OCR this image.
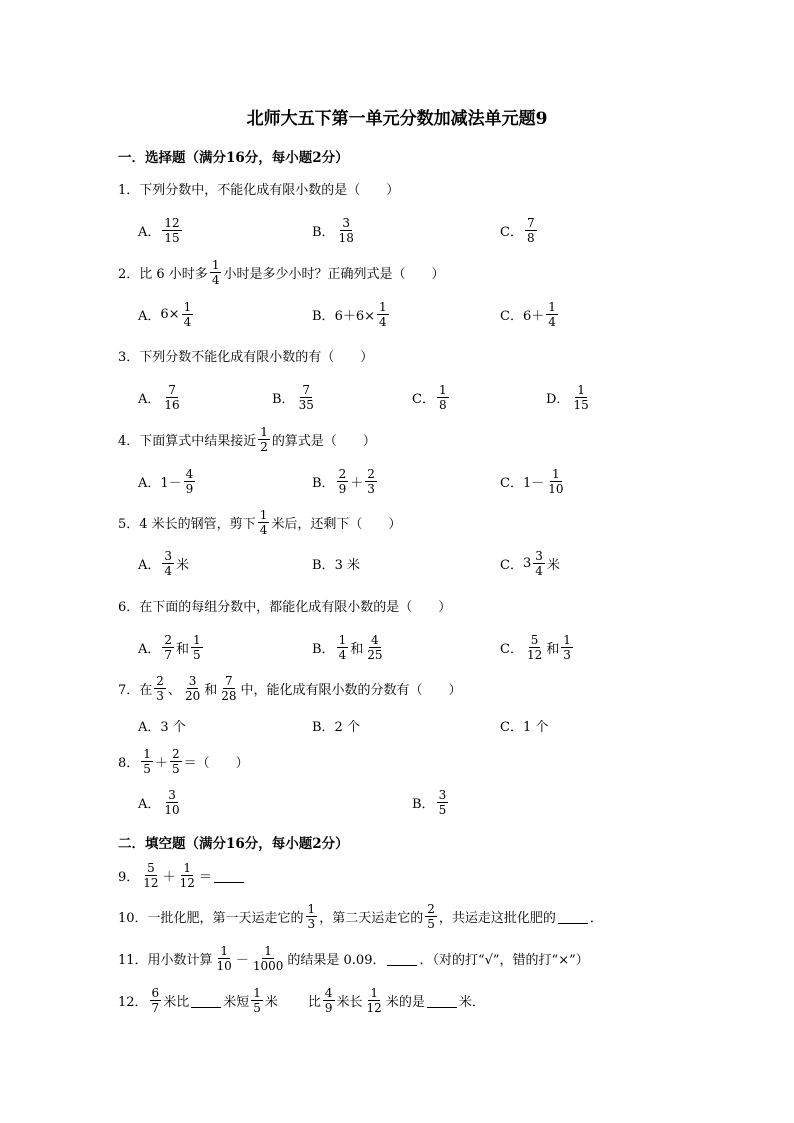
北师大五下第一单元分数加减法单元题9
一．选择题（满分16分，每小题2分）
1．下列分数中，不能化成有限小数的是（　　）
A． $\frac{12}{15}$	B． $\frac{3}{18}$	C． $\frac{7}{8}$
2．比 6 小时多 $\frac{1}{4}$ 小时是多少小时？正确列式是（　　）
A． $6\times \frac{1}{4}$	B． $6+6\times \frac{1}{4}$	C． $6+ \frac{1}{4}$
3．下列分数不能化成有限小数的有（　　）
A． $\frac{7}{16}$	B． $\frac{7}{35}$	C． $\frac{1}{8}$	D． $\frac{1}{15}$
4．下面算式中结果接近 $\frac{1}{2}$ 的算式是（　　）
A． $1- \frac{4}{9}$	B． $\frac{2}{9} + \frac{2}{3}$	C． $1- \frac{1}{10}$
5．4 米长的钢管，剪下 $\frac{1}{4}$ 米后，还剩下（　　）
A． $\frac{3}{4}$ 米	B． 3 米	C． $3 \frac{3}{4}$ 米
6．在下面的每组分数中，都能化成有限小数的是（　　）
A． $\frac{2}{7}$ 和 $\frac{1}{5}$	B． $\frac{1}{4}$ 和 $\frac{4}{25}$	C． $\frac{5}{12}$ 和 $\frac{1}{3}$
7．在 $\frac{2}{3}$ 、 $\frac{3}{20}$ 和 $\frac{7}{28}$ 中，能化成有限小数的分数有（　　）
A．3 个	B．2 个	C．1 个
8． $\frac{1}{5} + \frac{2}{5}$ ＝（　　）
A． $\frac{3}{10}$	B． $\frac{3}{5}$
二．填空题（满分16分，每小题2分）
9． $\frac{5}{12} + \frac{1}{12}$ ＝
10．一批化肥，第一天运走它的 $\frac{1}{3}$ ，第二天运走它的 $\frac{2}{5}$ ，共运走这批化肥的	．
11．用小数计算 $\frac{1}{10} - \frac{1}{1000}$ 的结果是 0.09．	．（对的打“√”，错的打“×”）
12． $\frac{6}{7}$ 米比	米短 $\frac{1}{5}$ 米 比 $\frac{4}{9}$ 米长 $\frac{1}{12}$ 米的是	米．
